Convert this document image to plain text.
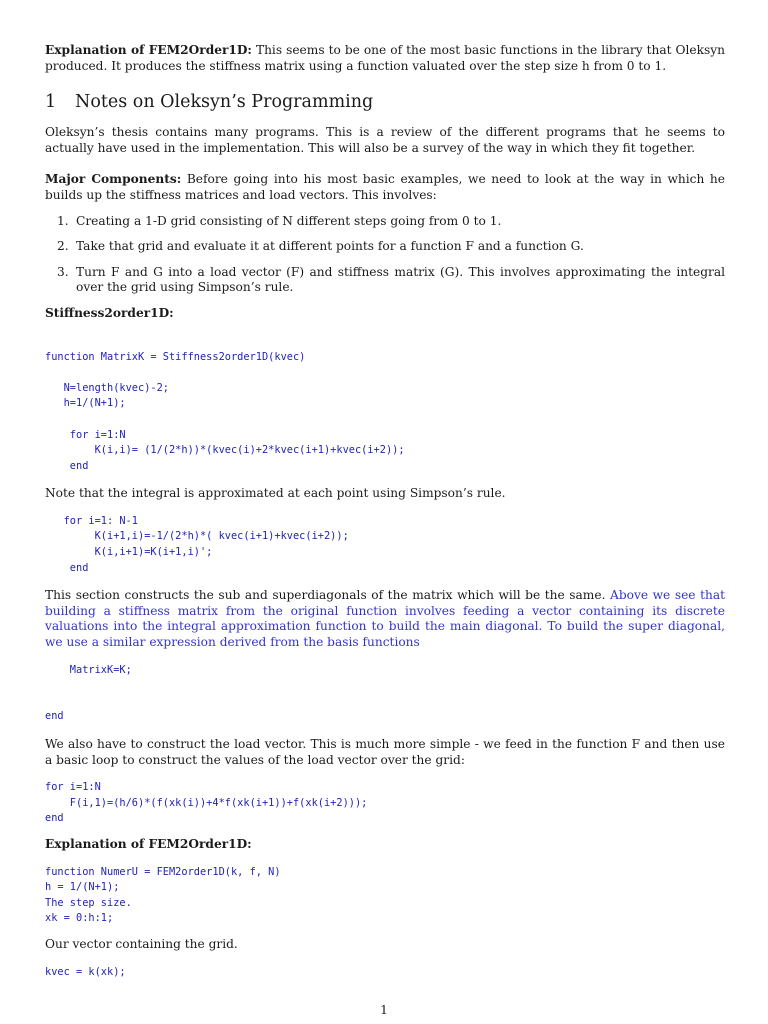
Explanation of FEM2Order1D: This seems to be one of the most basic functions in the library that Oleksyn produced. It produces the stiffness matrix using a function valuated over the step size h from 0 to 1.

1 Notes on Oleksyn’s Programming

Oleksyn’s thesis contains many programs. This is a review of the different programs that he seems to actually have used in the implementation. This will also be a survey of the way in which they fit together.

Major Components: Before going into his most basic examples, we need to look at the way in which he builds up the stiffness matrices and load vectors. This involves:

1. Creating a 1-D grid consisting of N different steps going from 0 to 1.
2. Take that grid and evaluate it at different points for a function F and a function G.
3. Turn F and G into a load vector (F) and stiffness matrix (G). This involves approximating the integral over the grid using Simpson’s rule.

Stiffness2order1D:

function MatrixK = Stiffness2order1D(kvec)

N=length(kvec)-2;
h=1/(N+1);

for i=1:N
K(i,i)= (1/(2*h))*(kvec(i)+2*kvec(i+1)+kvec(i+2));
end

Note that the integral is approximated at each point using Simpson’s rule.

for i=1: N-1
K(i+1,i)=-1/(2*h)*( kvec(i+1)+kvec(i+2));
K(i,i+1)=K(i+1,i)';
end

This section constructs the sub and superdiagonals of the matrix which will be the same. Above we see that building a stiffness matrix from the original function involves feeding a vector containing its discrete valuations into the integral approximation function to build the main diagonal. To build the super diagonal, we use a similar expression derived from the basis functions

MatrixK=K;

end

We also have to construct the load vector. This is much more simple - we feed in the function F and then use a basic loop to construct the values of the load vector over the grid:

for i=1:N
F(i,1)=(h/6)*(f(xk(i))+4*f(xk(i+1))+f(xk(i+2)));
end

Explanation of FEM2Order1D:

function NumerU = FEM2order1D(k, f, N)
h = 1/(N+1);
The step size.
xk = 0:h:1;

Our vector containing the grid.

kvec = k(xk);
1
